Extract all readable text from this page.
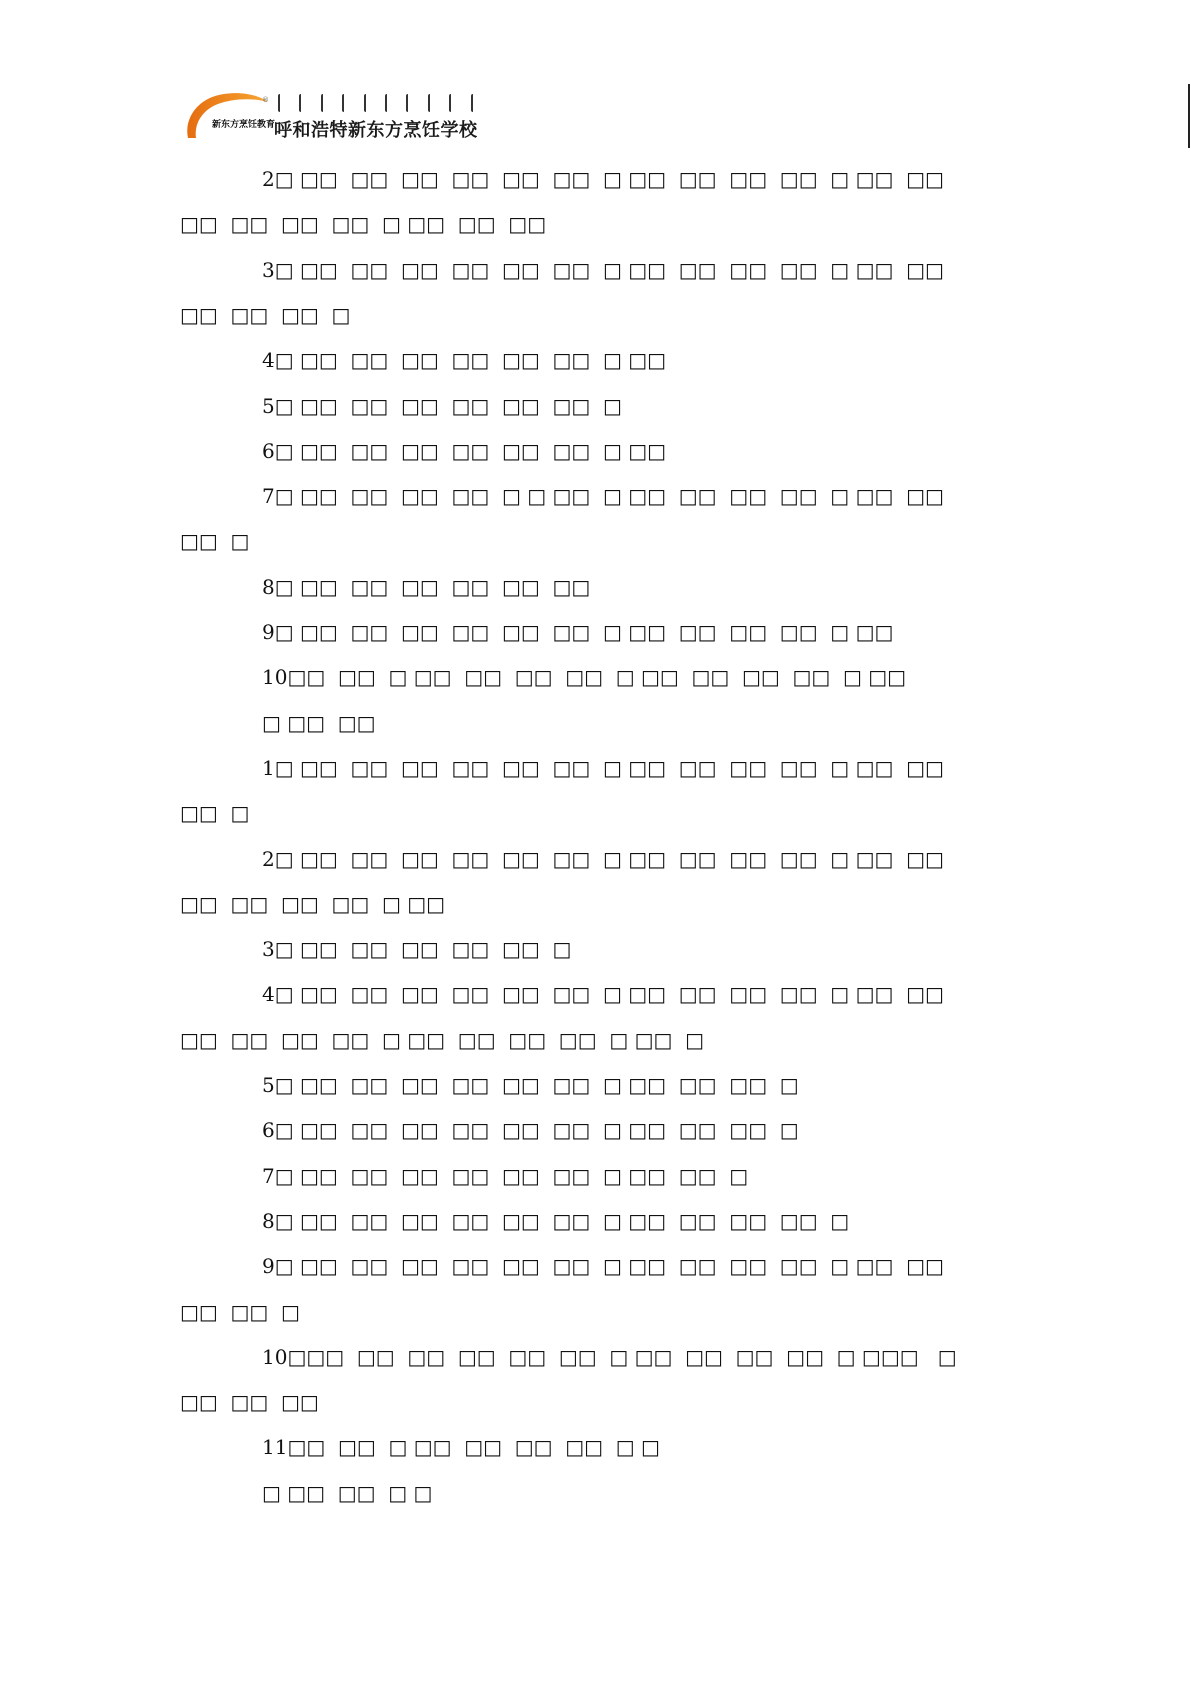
®
新东方烹饪教育
呼和浩特新东方烹饪学校
2□ □□  □□  □□  □□  □□  □□  □ □□  □□  □□  □□  □ □□  □□
□□  □□  □□  □□  □ □□  □□  □□
3□ □□  □□  □□  □□  □□  □□  □ □□  □□  □□  □□  □ □□  □□
□□  □□  □□  □
4□ □□  □□  □□  □□  □□  □□  □ □□
5□ □□  □□  □□  □□  □□  □□  □
6□ □□  □□  □□  □□  □□  □□  □ □□
7□ □□  □□  □□  □□  □ □ □□  □ □□  □□  □□  □□  □ □□  □□
□□  □
8□ □□  □□  □□  □□  □□  □□
9□ □□  □□  □□  □□  □□  □□  □ □□  □□  □□  □□  □ □□
10□□  □□  □ □□  □□  □□  □□  □ □□  □□  □□  □□  □ □□
□ □□  □□
1□ □□  □□  □□  □□  □□  □□  □ □□  □□  □□  □□  □ □□  □□
□□  □
2□ □□  □□  □□  □□  □□  □□  □ □□  □□  □□  □□  □ □□  □□
□□  □□  □□  □□  □ □□
3□ □□  □□  □□  □□  □□  □
4□ □□  □□  □□  □□  □□  □□  □ □□  □□  □□  □□  □ □□  □□
□□  □□  □□  □□  □ □□  □□  □□  □□  □ □□  □
5□ □□  □□  □□  □□  □□  □□  □ □□  □□  □□  □
6□ □□  □□  □□  □□  □□  □□  □ □□  □□  □□  □
7□ □□  □□  □□  □□  □□  □□  □ □□  □□  □
8□ □□  □□  □□  □□  □□  □□  □ □□  □□  □□  □□  □
9□ □□  □□  □□  □□  □□  □□  □ □□  □□  □□  □□  □ □□  □□
□□  □□  □
10□□□  □□  □□  □□  □□  □□  □ □□  □□  □□  □□  □ □□□   □
□□  □□  □□
11□□  □□  □ □□  □□  □□  □□  □ □
□ □□  □□  □ □
